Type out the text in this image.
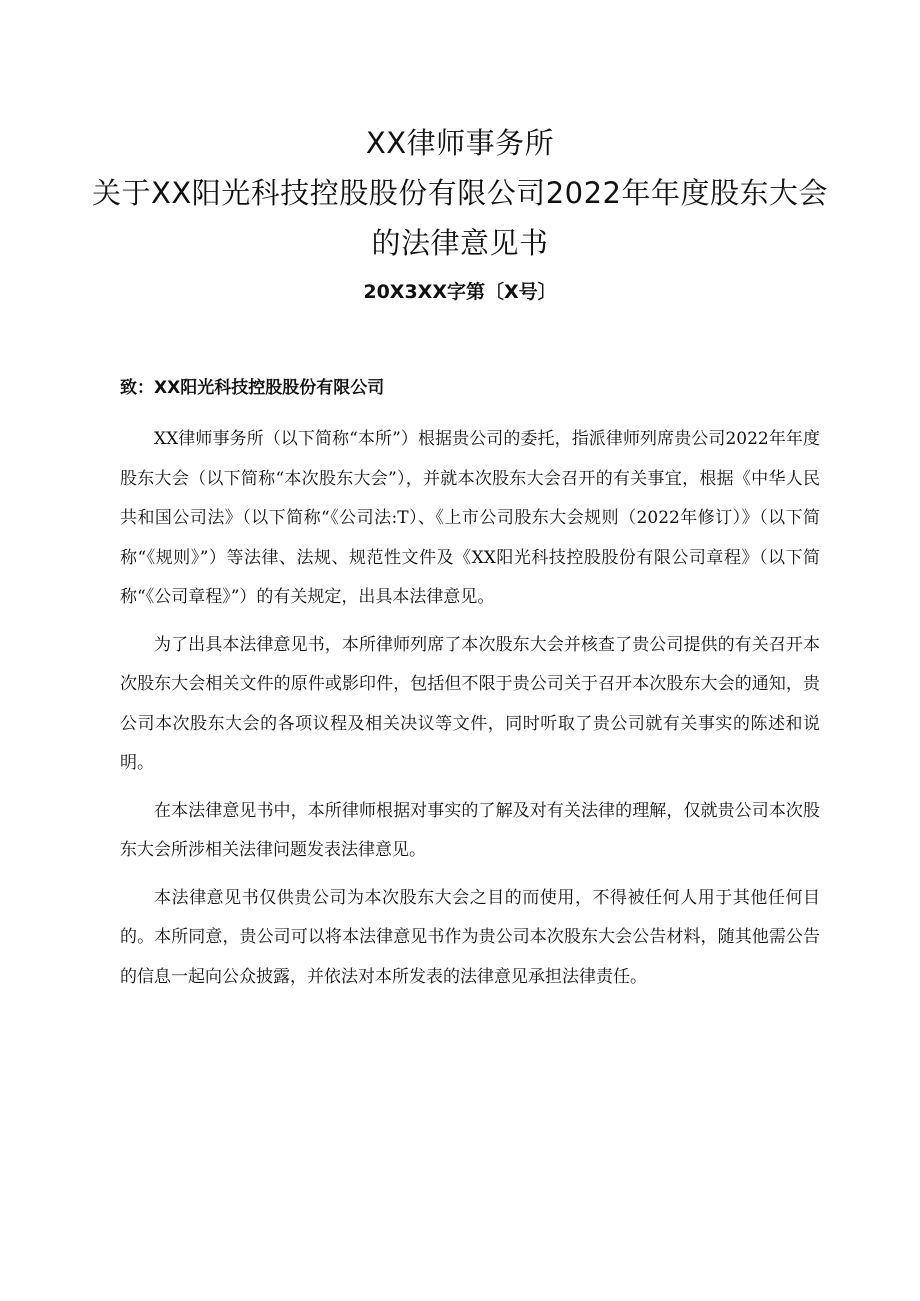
XX律师事务所
关于XX阳光科技控股股份有限公司2022年年度股东大会
的法律意见书
20X3XX字第〔X号〕
致：XX阳光科技控股股份有限公司

XX律师事务所（以下简称“本所”）根据贵公司的委托，指派律师列席贵公司2022年年度股东大会（以下简称“本次股东大会”），并就本次股东大会召开的有关事宜，根据《中华人民共和国公司法》（以下简称“《公司法:T）、《上市公司股东大会规则（2022年修订）》（以下简称“《规则》”）等法律、法规、规范性文件及《XX阳光科技控股股份有限公司章程》（以下简称“《公司章程》”）的有关规定，出具本法律意见。

为了出具本法律意见书，本所律师列席了本次股东大会并核查了贵公司提供的有关召开本次股东大会相关文件的原件或影印件，包括但不限于贵公司关于召开本次股东大会的通知，贵公司本次股东大会的各项议程及相关决议等文件，同时听取了贵公司就有关事实的陈述和说明。

在本法律意见书中，本所律师根据对事实的了解及对有关法律的理解，仅就贵公司本次股东大会所涉相关法律问题发表法律意见。

本法律意见书仅供贵公司为本次股东大会之目的而使用，不得被任何人用于其他任何目的。本所同意，贵公司可以将本法律意见书作为贵公司本次股东大会公告材料，随其他需公告的信息一起向公众披露，并依法对本所发表的法律意见承担法律责任。
